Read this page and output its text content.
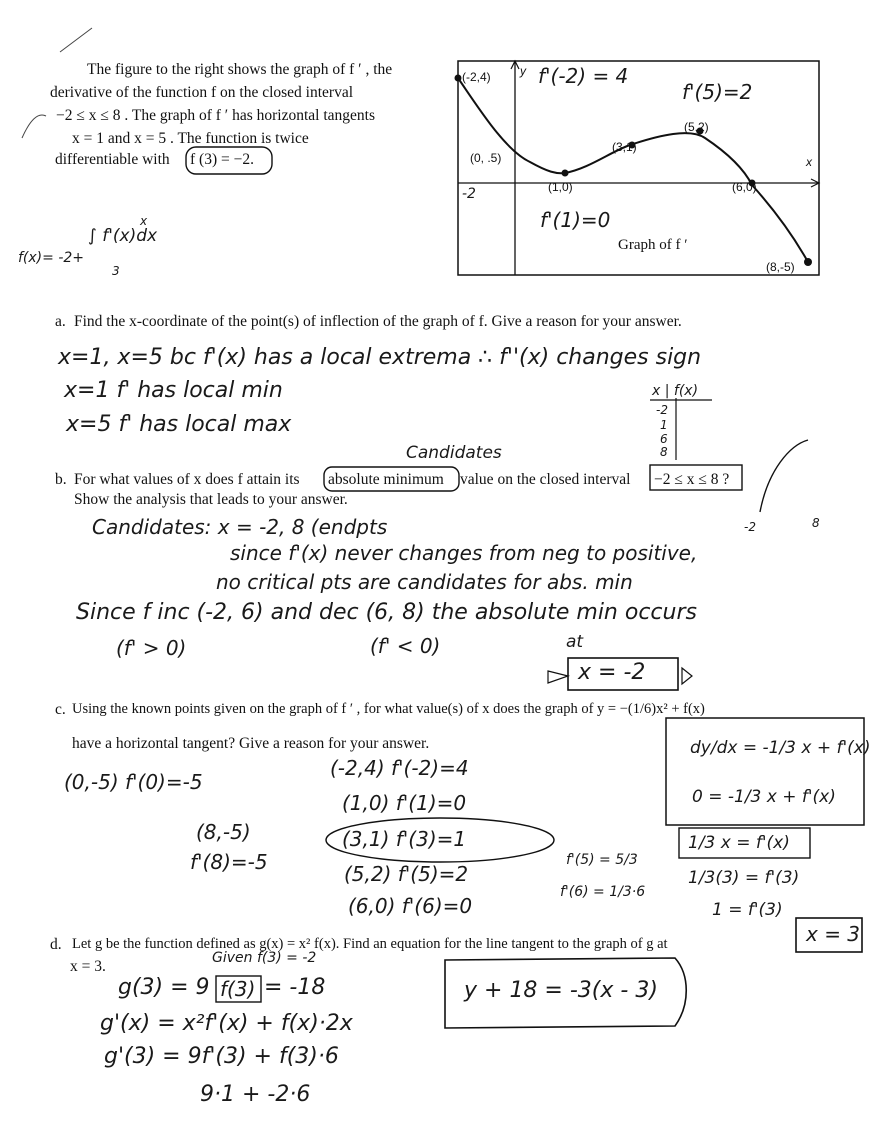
The figure to the right shows the graph of f ′ , the
derivative of the function f on the closed interval
−2 ≤ x ≤ 8 . The graph of f ′ has horizontal tangents
x = 1 and x = 5 . The function is twice
differentiable with f (3) = −2.
f(x)= -2+
∫ f'(x)dx
x
3
(-2,4)
(0, .5)
(1,0)
(3,1)
(5,2)
(6,0)
(8,-5)
x
y
Graph of f ′
f'(-2) = 4
f'(5)=2
f'(1)=0
-2
a. Find the x-coordinate of the point(s) of inflection of the graph of f. Give a reason for your answer.
x=1, x=5 bc f'(x) has a local extrema ∴ f''(x) changes sign
x=1 f' has local min
x=5 f' has local max
x | f(x)
-2
1
6
8
Candidates
b. For what values of x does f attain its absolute minimum value on the closed interval −2 ≤ x ≤ 8 ?
Show the analysis that leads to your answer.
Candidates: x = -2, 8 (endpts
since f'(x) never changes from neg to positive,
no critical pts are candidates for abs. min
Since f inc (-2, 6) and dec (6, 8) the absolute min occurs
(f' > 0)	(f' < 0)	at
x = -2
-2	8
c. Using the known points given on the graph of f ′ , for what value(s) of x does the graph of y = −(1/6)x² + f(x)
have a horizontal tangent? Give a reason for your answer.
(0,-5) f'(0)=-5
(8,-5)
f'(8)=-5
(-2,4) f'(-2)=4
(1,0) f'(1)=0
(3,1) f'(3)=1
(5,2) f'(5)=2
(6,0) f'(6)=0
f'(5) = 5/3
f'(6) = 1/3·6
dy/dx = -1/3 x + f'(x)
0 = -1/3 x + f'(x)
1/3 x = f'(x)
1/3(3) = f'(3)
1 = f'(3)
x = 3
d. Let g be the function defined as g(x) = x² f(x). Find an equation for the line tangent to the graph of g at
x = 3.	Given f(3) = -2
g(3) = 9 f(3) = -18
g'(x) = x²f'(x) + f(x)·2x
g'(3) = 9f'(3) + f(3)·6
9·1 + -2·6
y + 18 = -3(x - 3)
